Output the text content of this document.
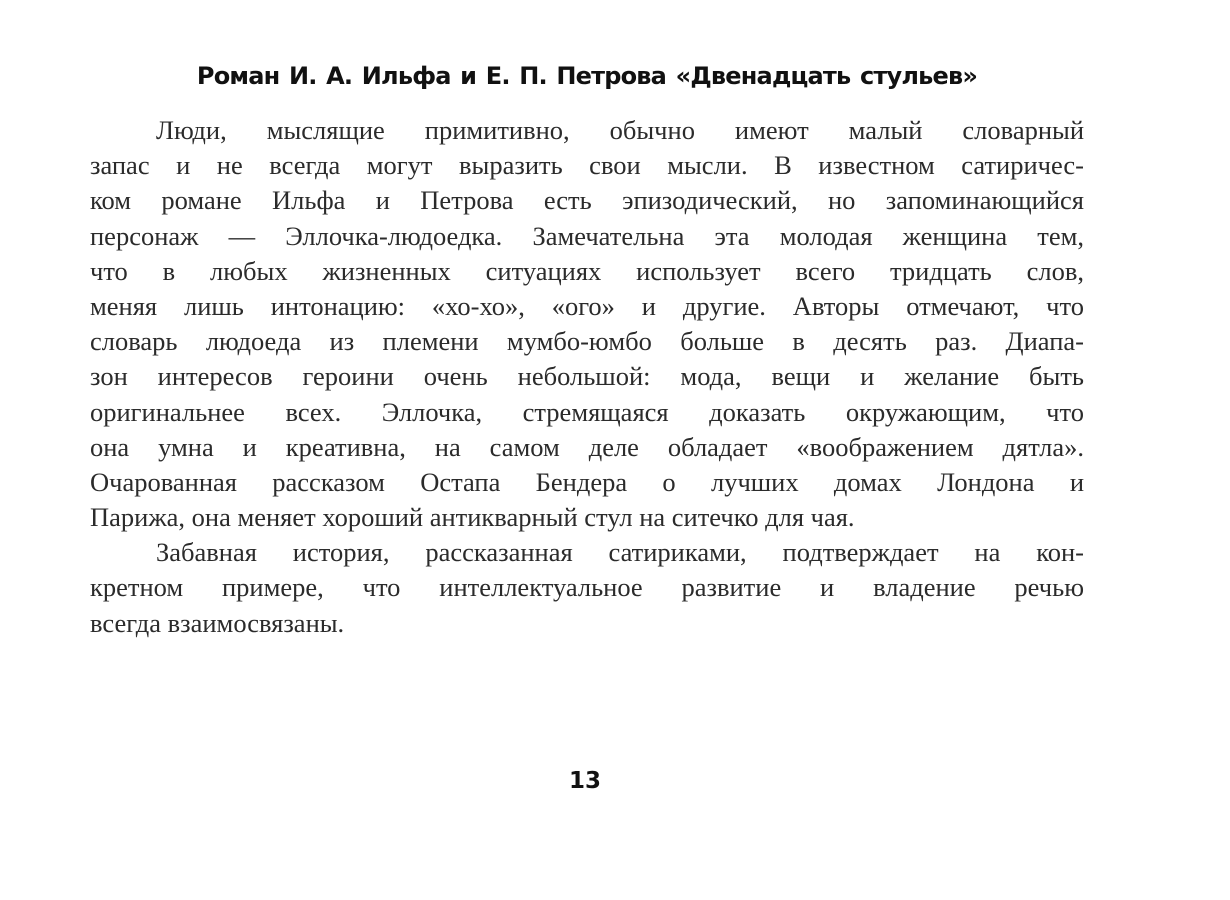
Роман И. А. Ильфа и Е. П. Петрова «Двенадцать стульев»
Люди, мыслящие примитивно, обычно имеют малый словарный
запас и не всегда могут выразить свои мысли. В известном сатиричес-
ком романе Ильфа и Петрова есть эпизодический, но запоминающийся
персонаж — Эллочка-людоедка. Замечательна эта молодая женщина тем,
что в любых жизненных ситуациях использует всего тридцать слов,
меняя лишь интонацию: «хо-хо», «ого» и другие. Авторы отмечают, что
словарь людоеда из племени мумбо-юмбо больше в десять раз. Диапа-
зон интересов героини очень небольшой: мода, вещи и желание быть
оригинальнее всех. Эллочка, стремящаяся доказать окружающим, что
она умна и креативна, на самом деле обладает «воображением дятла».
Очарованная рассказом Остапа Бендера о лучших домах Лондона и
Парижа, она меняет хороший антикварный стул на ситечко для чая.
Забавная история, рассказанная сатириками, подтверждает на кон-
кретном примере, что интеллектуальное развитие и владение речью
всегда взаимосвязаны.
13
